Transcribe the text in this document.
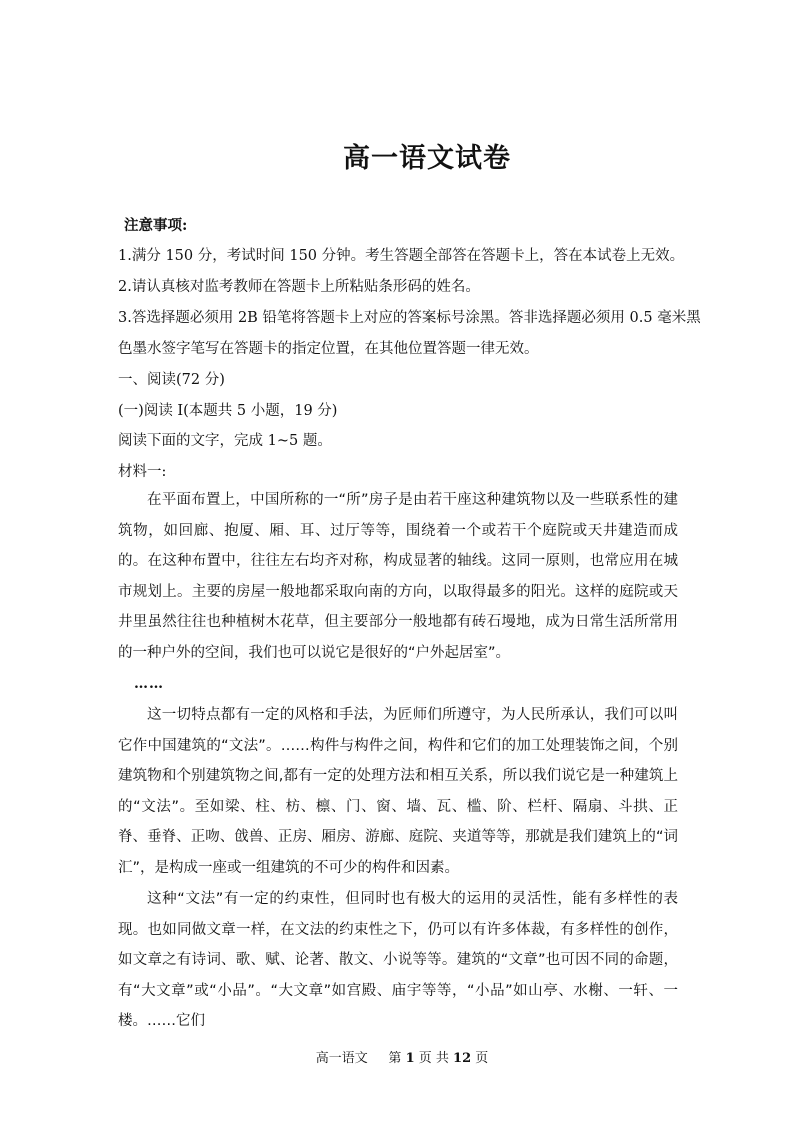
高一语文试卷
注意事项:
1.满分 150 分，考试时间 150 分钟。考生答题全部答在答题卡上，答在本试卷上无效。
2.请认真核对监考教师在答题卡上所粘贴条形码的姓名。
3.答选择题必须用 2B 铅笔将答题卡上对应的答案标号涂黑。答非选择题必须用 0.5 毫米黑
色墨水签字笔写在答题卡的指定位置，在其他位置答题一律无效。
一、阅读(72 分)
(一)阅读 I(本题共 5 小题，19 分)
阅读下面的文字，完成 1~5 题。
材料一:

在平面布置上，中国所称的一“所”房子是由若干座这种建筑物以及一些联系性的建筑物，如回廊、抱厦、厢、耳、过厅等等，围绕着一个或若干个庭院或天井建造而成的。在这种布置中，往往左右均齐对称，构成显著的轴线。这同一原则，也常应用在城市规划上。主要的房屋一般地都采取向南的方向，以取得最多的阳光。这样的庭院或天井里虽然往往也种植树木花草，但主要部分一般地都有砖石墁地，成为日常生活所常用的一种户外的空间，我们也可以说它是很好的“户外起居室”。

……

这一切特点都有一定的风格和手法，为匠师们所遵守，为人民所承认，我们可以叫它作中国建筑的“文法”。……构件与构件之间，构件和它们的加工处理装饰之间，个别建筑物和个别建筑物之间,都有一定的处理方法和相互关系，所以我们说它是一种建筑上的“文法”。至如梁、柱、枋、檩、门、窗、墙、瓦、槛、阶、栏杆、隔扇、斗拱、正脊、垂脊、正吻、戗兽、正房、厢房、游廊、庭院、夹道等等，那就是我们建筑上的“词汇”，是构成一座或一组建筑的不可少的构件和因素。

这种“文法”有一定的约束性，但同时也有极大的运用的灵活性，能有多样性的表现。也如同做文章一样，在文法的约束性之下，仍可以有许多体裁，有多样性的创作，如文章之有诗词、歌、赋、论著、散文、小说等等。建筑的“文章”也可因不同的命题，有“大文章”或“小品”。“大文章”如宫殿、庙宇等等，“小品”如山亭、水榭、一轩、一楼。……它们

高一语文 第 1 页 共 12 页
